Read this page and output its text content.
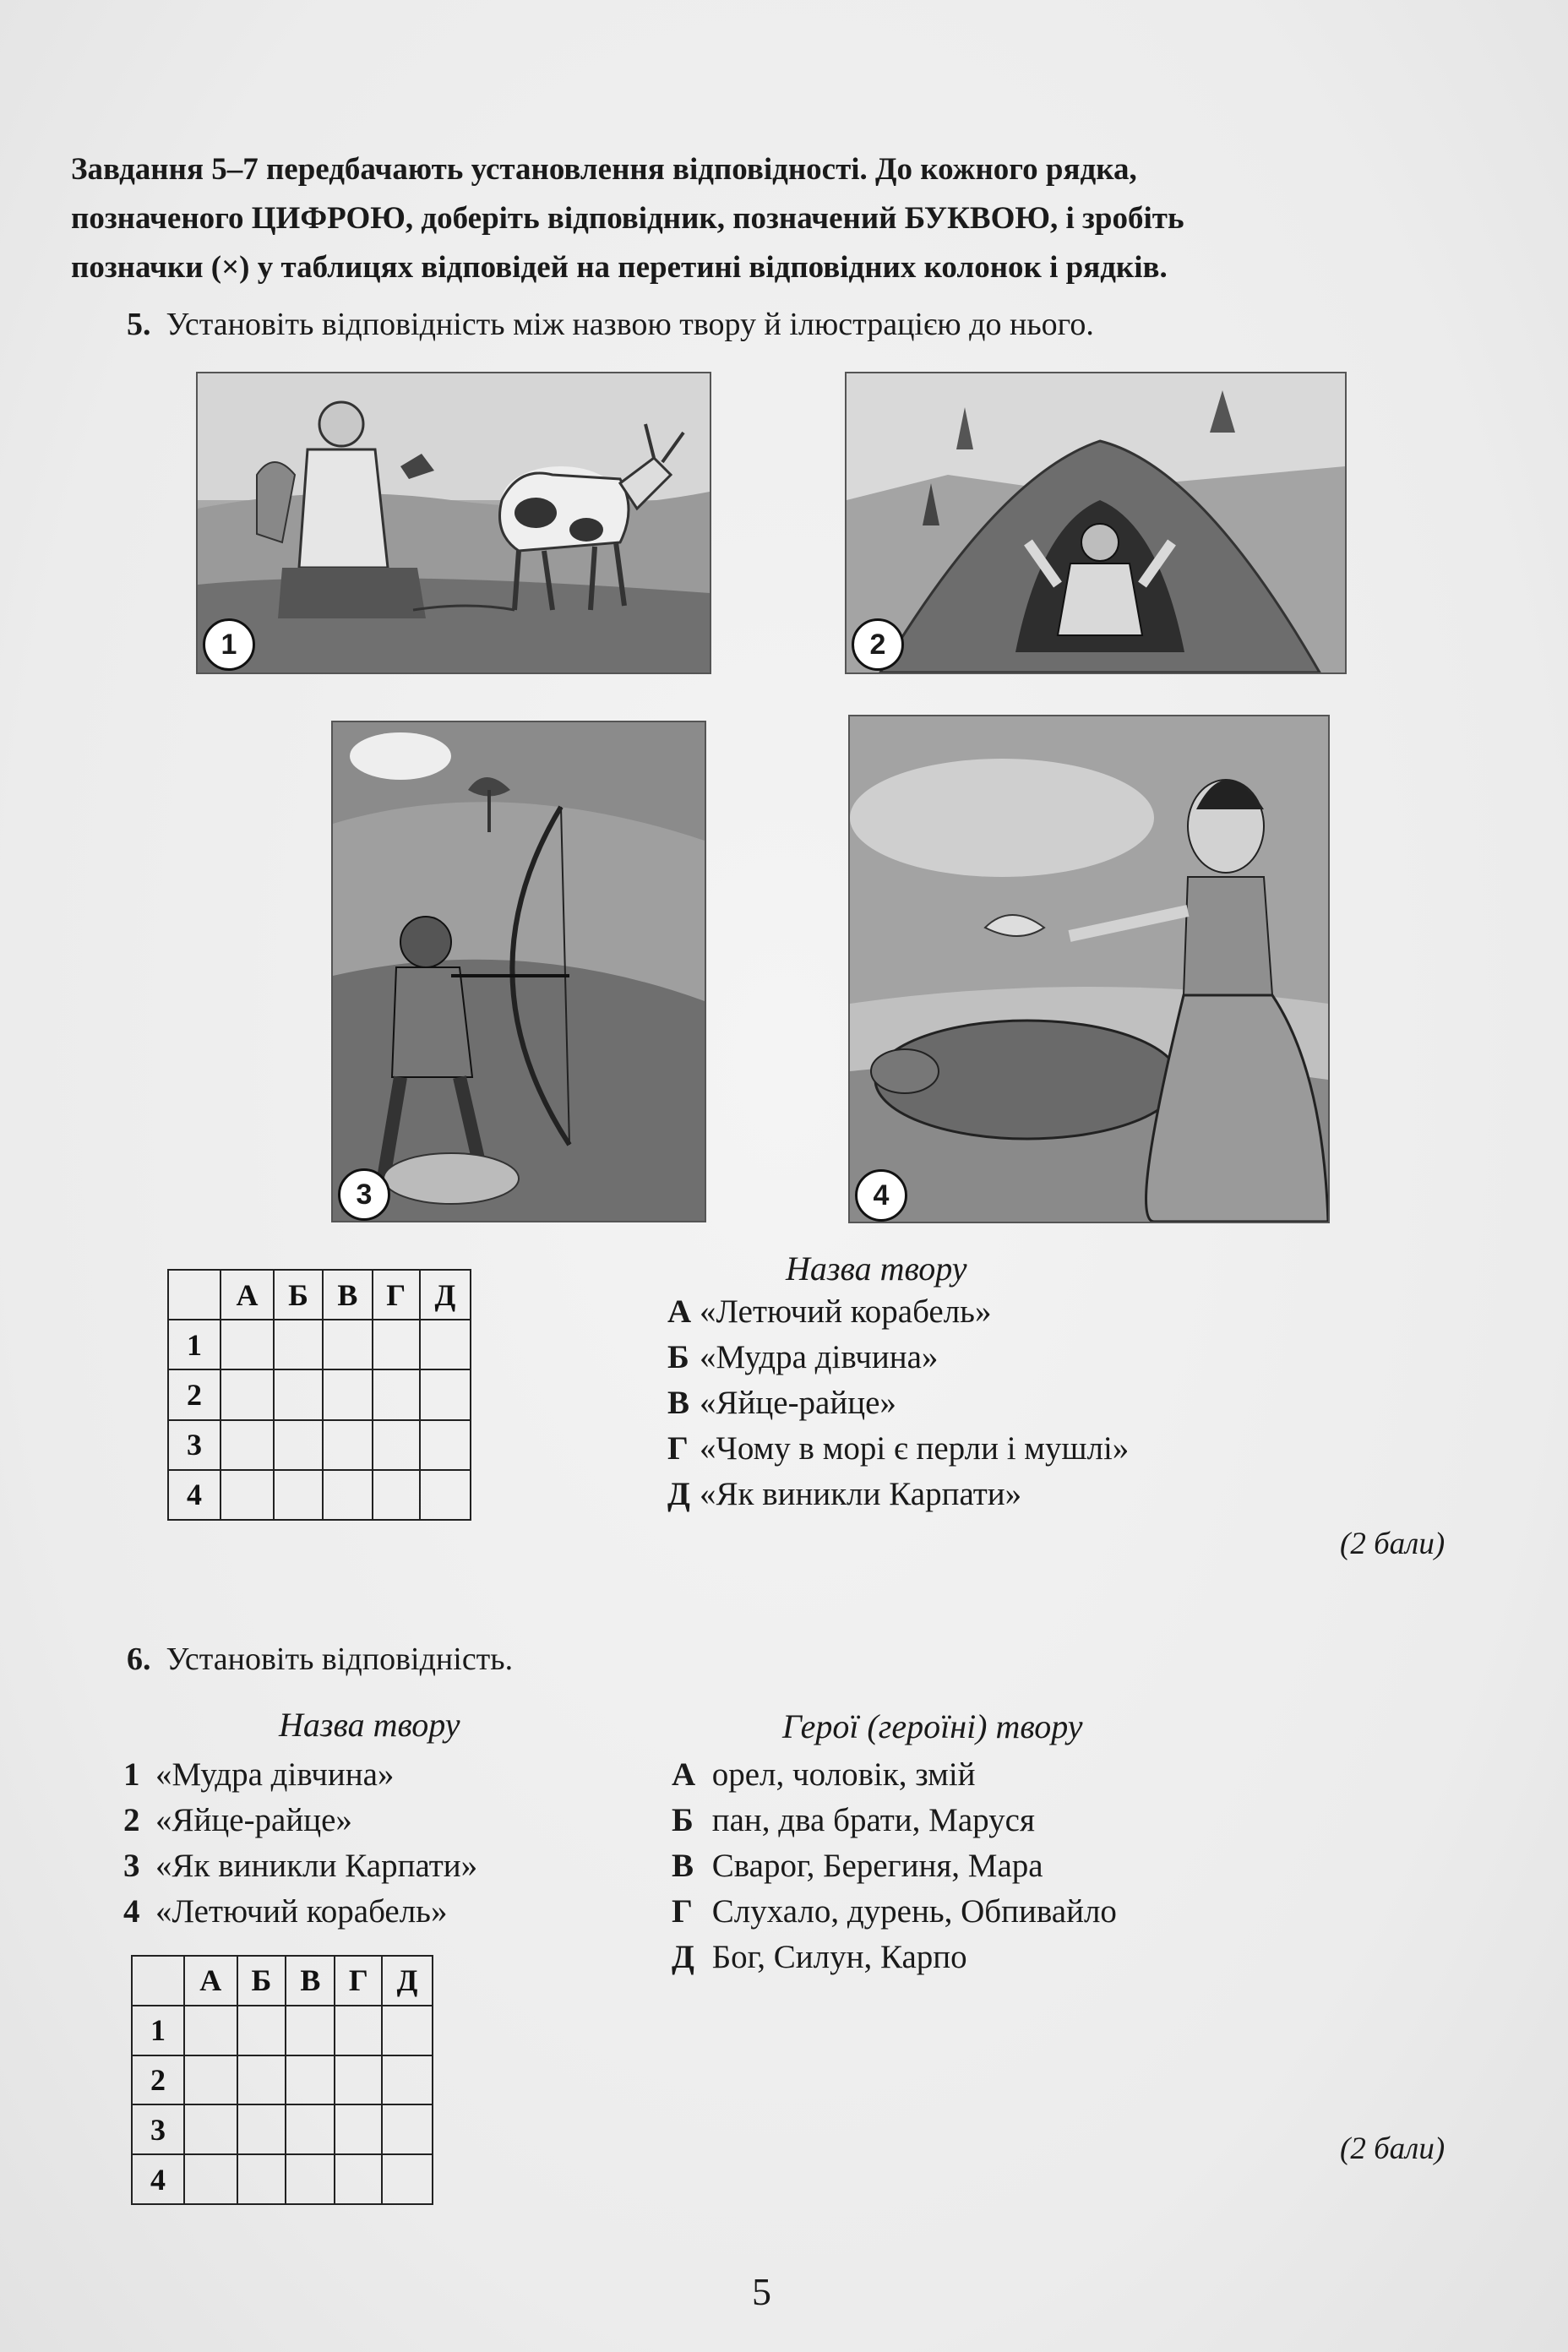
Завдання 5–7 передбачають установлення відповідності. До кожного рядка,
позначеного ЦИФРОЮ, доберіть відповідник, позначений БУКВОЮ, і зробіть
позначки (×) у таблицях відповідей на перетині відповідних колонок і рядків.
5. Установіть відповідність між назвою твору й ілюстрацією до нього.
1	2
3	4
	А	Б	В	Г	Д
1					
2					
3					
4					
Назва твору
А «Летючий корабель»
Б «Мудра дівчина»
В «Яйце-райце»
Г «Чому в морі є перли і мушлі»
Д «Як виникли Карпати»
(2 бали)
6. Установіть відповідність.
Назва твору	Герої (героїні) твору
1 «Мудра дівчина»
2 «Яйце-райце»
3 «Як виникли Карпати»
4 «Летючий корабель»
А орел, чоловік, змій
Б пан, два брати, Маруся
В Сварог, Берегиня, Мара
Г Слухало, дурень, Обпивайло
Д Бог, Силун, Карпо
	А	Б	В	Г	Д
1					
2					
3					
4					
(2 бали)
5
